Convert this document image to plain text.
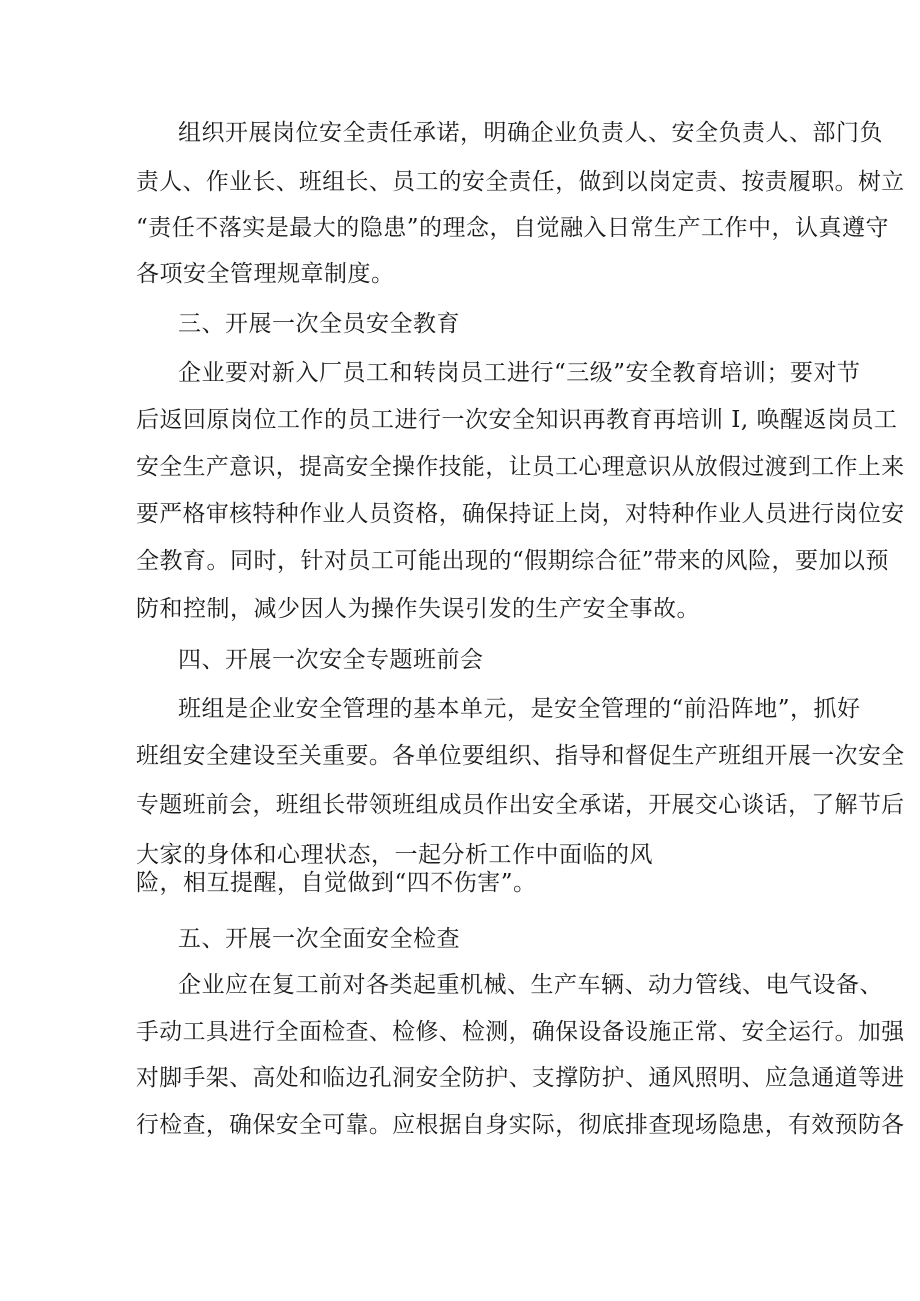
组织开展岗位安全责任承诺，明确企业负责人、安全负责人、部门负
责人、作业长、班组长、员工的安全责任，做到以岗定责、按责履职。树立
“责任不落实是最大的隐患”的理念，自觉融入日常生产工作中，认真遵守
各项安全管理规章制度。
三、开展一次全员安全教育
企业要对新入厂员工和转岗员工进行“三级”安全教育培训；要对节
后返回原岗位工作的员工进行一次安全知识再教育再培训 I, 唤醒返岗员工
安全生产意识，提高安全操作技能，让员工心理意识从放假过渡到工作上来
要严格审核特种作业人员资格，确保持证上岗，对特种作业人员进行岗位安
全教育。同时，针对员工可能出现的“假期综合征”带来的风险，要加以预
防和控制，减少因人为操作失误引发的生产安全事故。
四、开展一次安全专题班前会
班组是企业安全管理的基本单元，是安全管理的“前沿阵地”，抓好
班组安全建设至关重要。各单位要组织、指导和督促生产班组开展一次安全
专题班前会，班组长带领班组成员作出安全承诺，开展交心谈话，了解节后
大家的身体和心理状态，一起分析工作中面临的风
险，相互提醒，自觉做到“四不伤害”。
五、开展一次全面安全检查
企业应在复工前对各类起重机械、生产车辆、动力管线、电气设备、
手动工具进行全面检查、检修、检测，确保设备设施正常、安全运行。加强
对脚手架、高处和临边孔洞安全防护、支撑防护、通风照明、应急通道等进
行检查，确保安全可靠。应根据自身实际，彻底排查现场隐患，有效预防各
